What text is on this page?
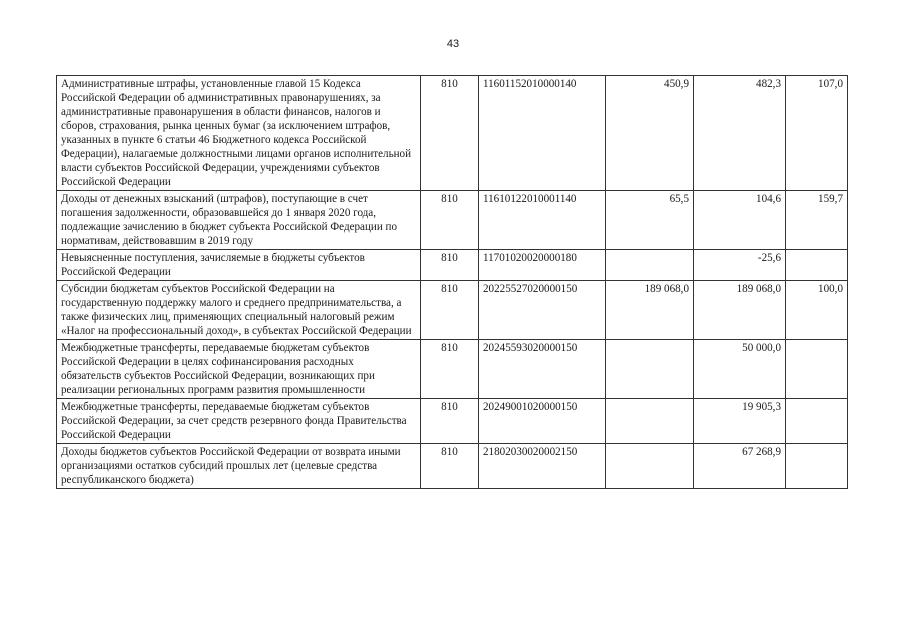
43
Административные штрафы, установленные главой 15 Кодекса Российской Федерации об административных правонарушениях, за административные правонарушения в области финансов, налогов и сборов, страхования, рынка ценных бумаг (за исключением штрафов, указанных в пункте 6 статьи 46 Бюджетного кодекса Российской Федерации), налагаемые должностными лицами органов исполнительной власти субъектов Российской Федерации, учреждениями субъектов Российской Федерации	810	11601152010000140	450,9	482,3	107,0
Доходы от денежных взысканий (штрафов), поступающие в счет погашения задолженности, образовавшейся до 1 января 2020 года, подлежащие зачислению в бюджет субъекта Российской Федерации по нормативам, действовавшим в 2019 году	810	11610122010001140	65,5	104,6	159,7
Невыясненные поступления, зачисляемые в бюджеты субъектов Российской Федерации	810	11701020020000180		-25,6	
Субсидии бюджетам субъектов Российской Федерации на государственную поддержку малого и среднего предпринимательства, а также физических лиц, применяющих специальный налоговый режим «Налог на профессиональный доход», в субъектах Российской Федерации	810	20225527020000150	189 068,0	189 068,0	100,0
Межбюджетные трансферты, передаваемые бюджетам субъектов Российской Федерации в целях софинансирования расходных обязательств субъектов Российской Федерации, возникающих при реализации региональных программ развития промышленности	810	20245593020000150		50 000,0	
Межбюджетные трансферты, передаваемые бюджетам субъектов Российской Федерации, за счет средств резервного фонда Правительства Российской Федерации	810	20249001020000150		19 905,3	
Доходы бюджетов субъектов Российской Федерации от возврата иными организациями остатков субсидий прошлых лет (целевые средства республиканского бюджета)	810	21802030020002150		67 268,9	
